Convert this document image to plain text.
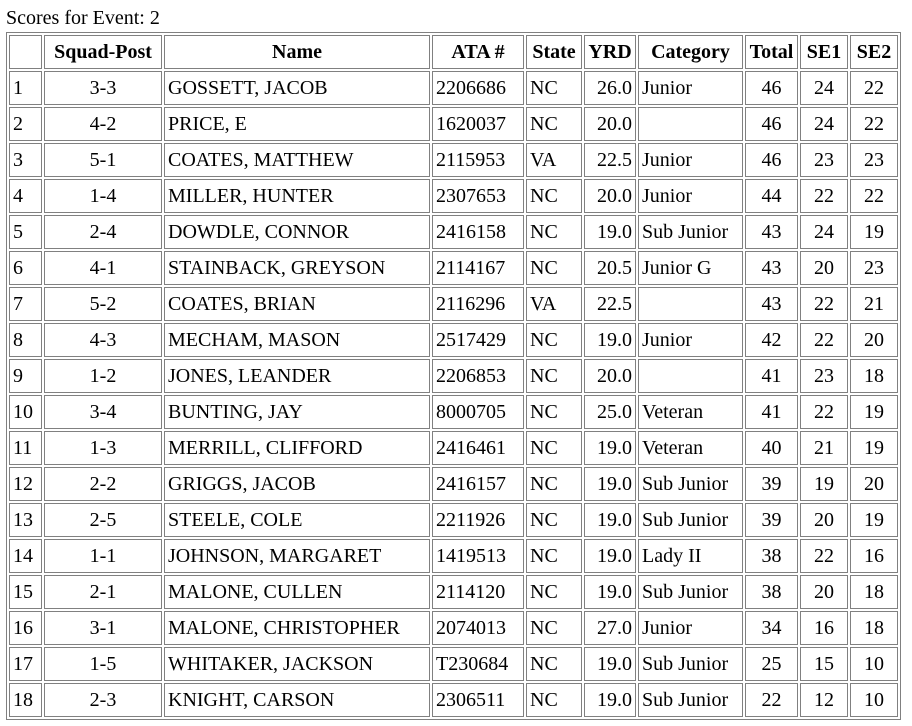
Scores for Event: 2
	Squad-Post	Name	ATA #	State	YRD	Category	Total	SE1	SE2
1	3-3	GOSSETT, JACOB	2206686	NC	26.0	Junior	46	24	22
2	4-2	PRICE, E	1620037	NC	20.0		46	24	22
3	5-1	COATES, MATTHEW	2115953	VA	22.5	Junior	46	23	23
4	1-4	MILLER, HUNTER	2307653	NC	20.0	Junior	44	22	22
5	2-4	DOWDLE, CONNOR	2416158	NC	19.0	Sub Junior	43	24	19
6	4-1	STAINBACK, GREYSON	2114167	NC	20.5	Junior G	43	20	23
7	5-2	COATES, BRIAN	2116296	VA	22.5		43	22	21
8	4-3	MECHAM, MASON	2517429	NC	19.0	Junior	42	22	20
9	1-2	JONES, LEANDER	2206853	NC	20.0		41	23	18
10	3-4	BUNTING, JAY	8000705	NC	25.0	Veteran	41	22	19
11	1-3	MERRILL, CLIFFORD	2416461	NC	19.0	Veteran	40	21	19
12	2-2	GRIGGS, JACOB	2416157	NC	19.0	Sub Junior	39	19	20
13	2-5	STEELE, COLE	2211926	NC	19.0	Sub Junior	39	20	19
14	1-1	JOHNSON, MARGARET	1419513	NC	19.0	Lady II	38	22	16
15	2-1	MALONE, CULLEN	2114120	NC	19.0	Sub Junior	38	20	18
16	3-1	MALONE, CHRISTOPHER	2074013	NC	27.0	Junior	34	16	18
17	1-5	WHITAKER, JACKSON	T230684	NC	19.0	Sub Junior	25	15	10
18	2-3	KNIGHT, CARSON	2306511	NC	19.0	Sub Junior	22	12	10
